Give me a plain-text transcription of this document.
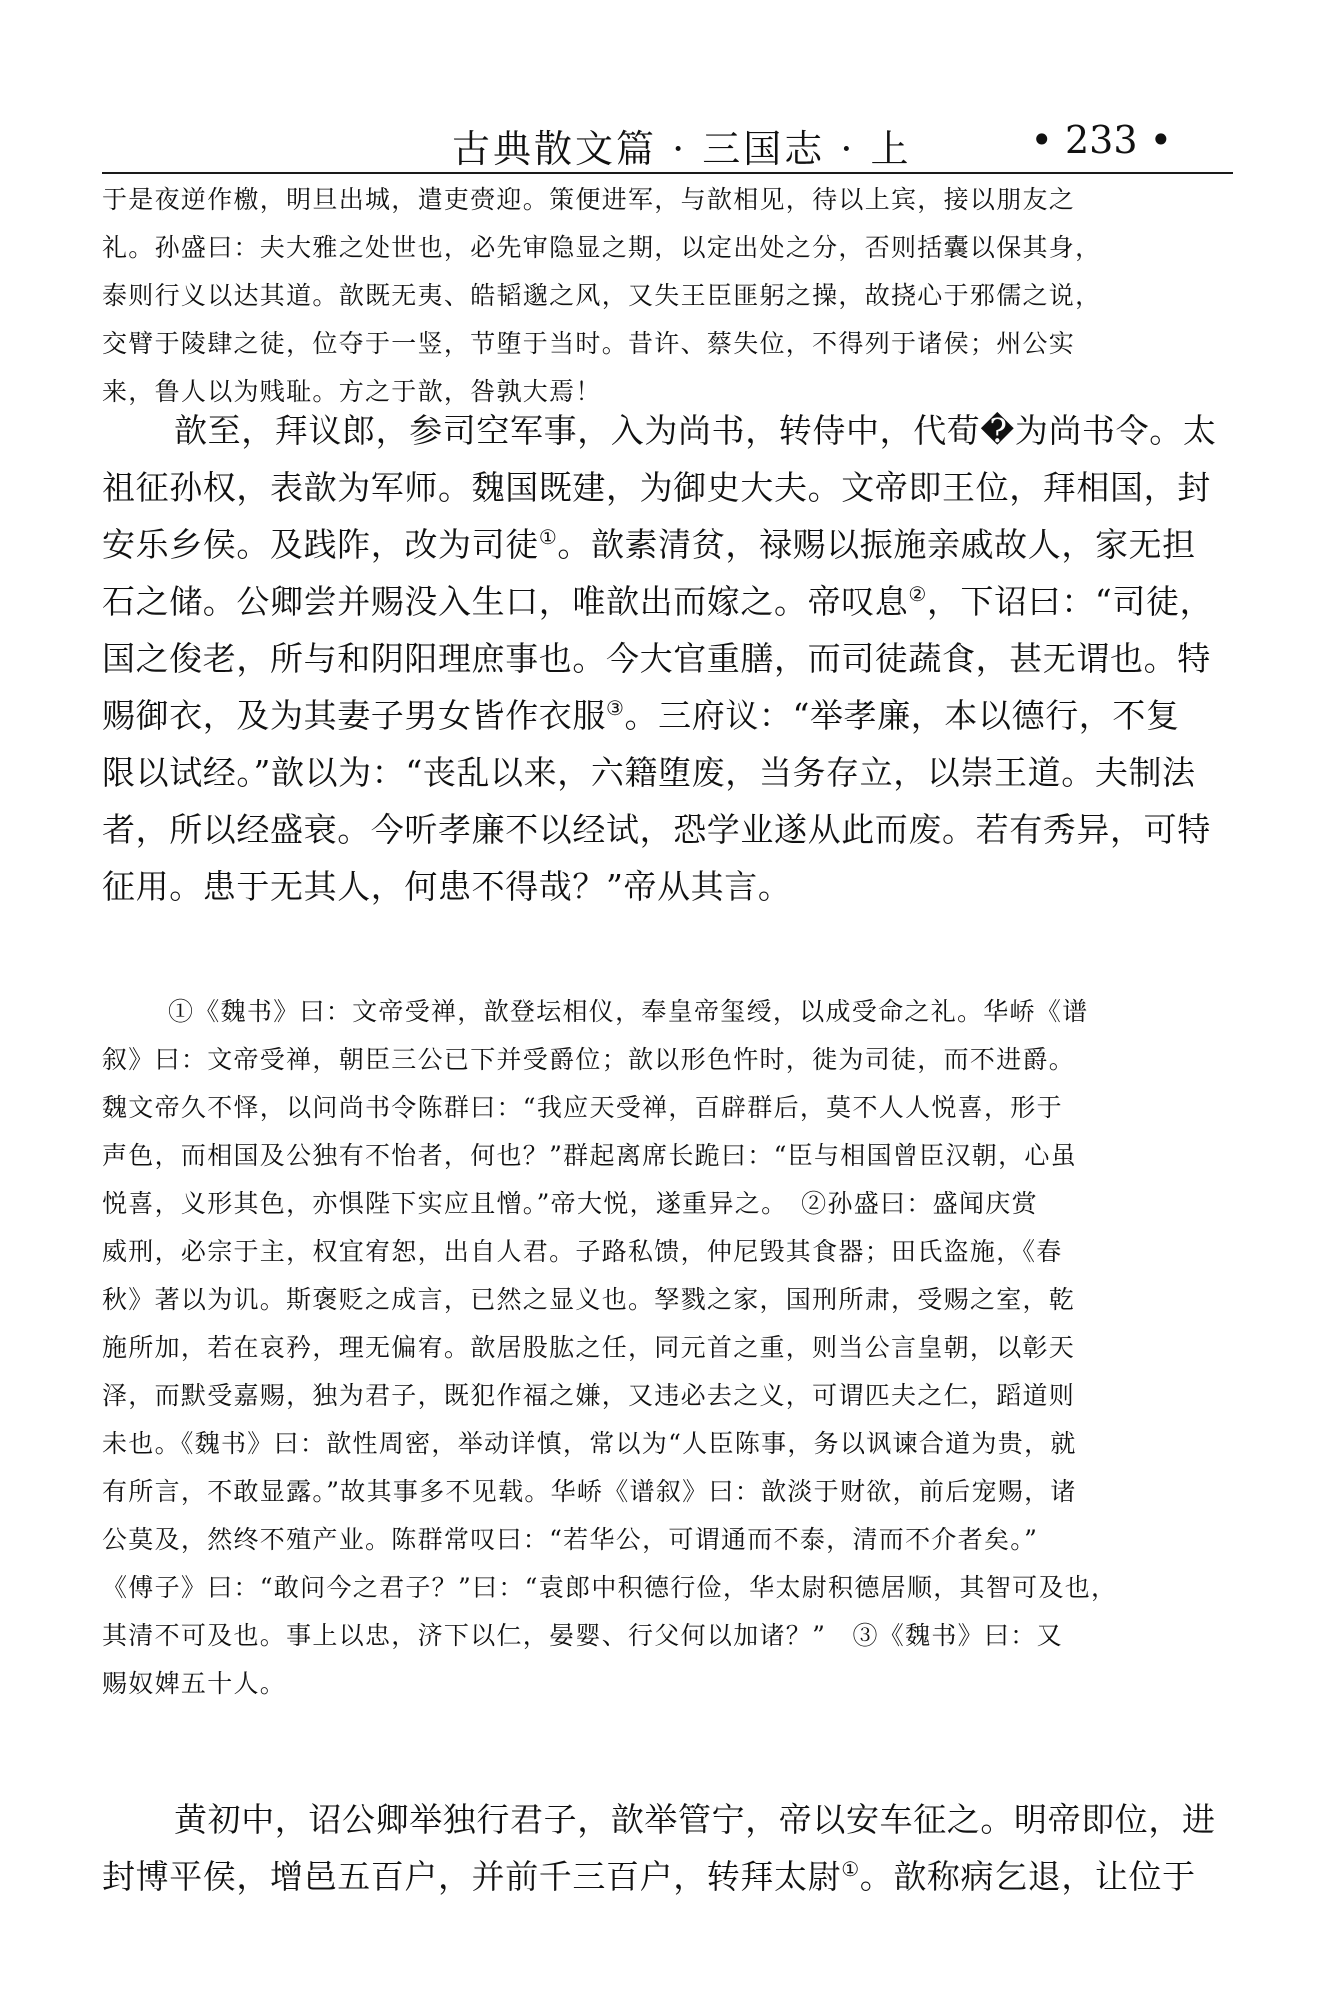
古典散文篇 · 三国志 · 上	• 233 •
于是夜逆作檄，明旦出城，遣吏赍迎。策便进军，与歆相见，待以上宾，接以朋友之
礼。孙盛曰：夫大雅之处世也，必先审隐显之期，以定出处之分，否则括囊以保其身，
泰则行义以达其道。歆既无夷、皓韬邈之风，又失王臣匪躬之操，故挠心于邪儒之说，
交臂于陵肆之徒，位夺于一竖，节堕于当时。昔许、蔡失位，不得列于诸侯；州公实
来，鲁人以为贱耻。方之于歆，咎孰大焉！
歆至，拜议郎，参司空军事，入为尚书，转侍中，代荀�为尚书令。太
祖征孙权，表歆为军师。魏国既建，为御史大夫。文帝即王位，拜相国，封
安乐乡侯。及践阼，改为司徒①。歆素清贫，禄赐以振施亲戚故人，家无担
石之储。公卿尝并赐没入生口，唯歆出而嫁之。帝叹息②，下诏曰：“司徒，
国之俊老，所与和阴阳理庶事也。今大官重膳，而司徒蔬食，甚无谓也。特
赐御衣，及为其妻子男女皆作衣服③。三府议：“举孝廉，本以德行，不复
限以试经。”歆以为：“丧乱以来，六籍堕废，当务存立，以崇王道。夫制法
者，所以经盛衰。今听孝廉不以经试，恐学业遂从此而废。若有秀异，可特
征用。患于无其人，何患不得哉？”帝从其言。
①《魏书》曰：文帝受禅，歆登坛相仪，奉皇帝玺绶，以成受命之礼。华峤《谱
叙》曰：文帝受禅，朝臣三公已下并受爵位；歆以形色忤时，徙为司徒，而不进爵。
魏文帝久不怿，以问尚书令陈群曰：“我应天受禅，百辟群后，莫不人人悦喜，形于
声色，而相国及公独有不怡者，何也？”群起离席长跪曰：“臣与相国曾臣汉朝，心虽
悦喜，义形其色，亦惧陛下实应且憎。”帝大悦，遂重异之。　②孙盛曰：盛闻庆赏
威刑，必宗于主，权宜宥恕，出自人君。子路私馈，仲尼毁其食器；田氏盗施，《春
秋》著以为讥。斯褒贬之成言，已然之显义也。孥戮之家，国刑所肃，受赐之室，乾
施所加，若在哀矜，理无偏宥。歆居股肱之任，同元首之重，则当公言皇朝，以彰天
泽，而默受嘉赐，独为君子，既犯作福之嫌，又违必去之义，可谓匹夫之仁，蹈道则
未也。《魏书》曰：歆性周密，举动详慎，常以为“人臣陈事，务以讽谏合道为贵，就
有所言，不敢显露。”故其事多不见载。华峤《谱叙》曰：歆淡于财欲，前后宠赐，诸
公莫及，然终不殖产业。陈群常叹曰：“若华公，可谓通而不泰，清而不介者矣。”
《傅子》曰：“敢问今之君子？”曰：“袁郎中积德行俭，华太尉积德居顺，其智可及也，
其清不可及也。事上以忠，济下以仁，晏婴、行父何以加诸？”　③《魏书》曰：又
赐奴婢五十人。
黄初中，诏公卿举独行君子，歆举管宁，帝以安车征之。明帝即位，进
封博平侯，增邑五百户，并前千三百户，转拜太尉①。歆称病乞退，让位于
